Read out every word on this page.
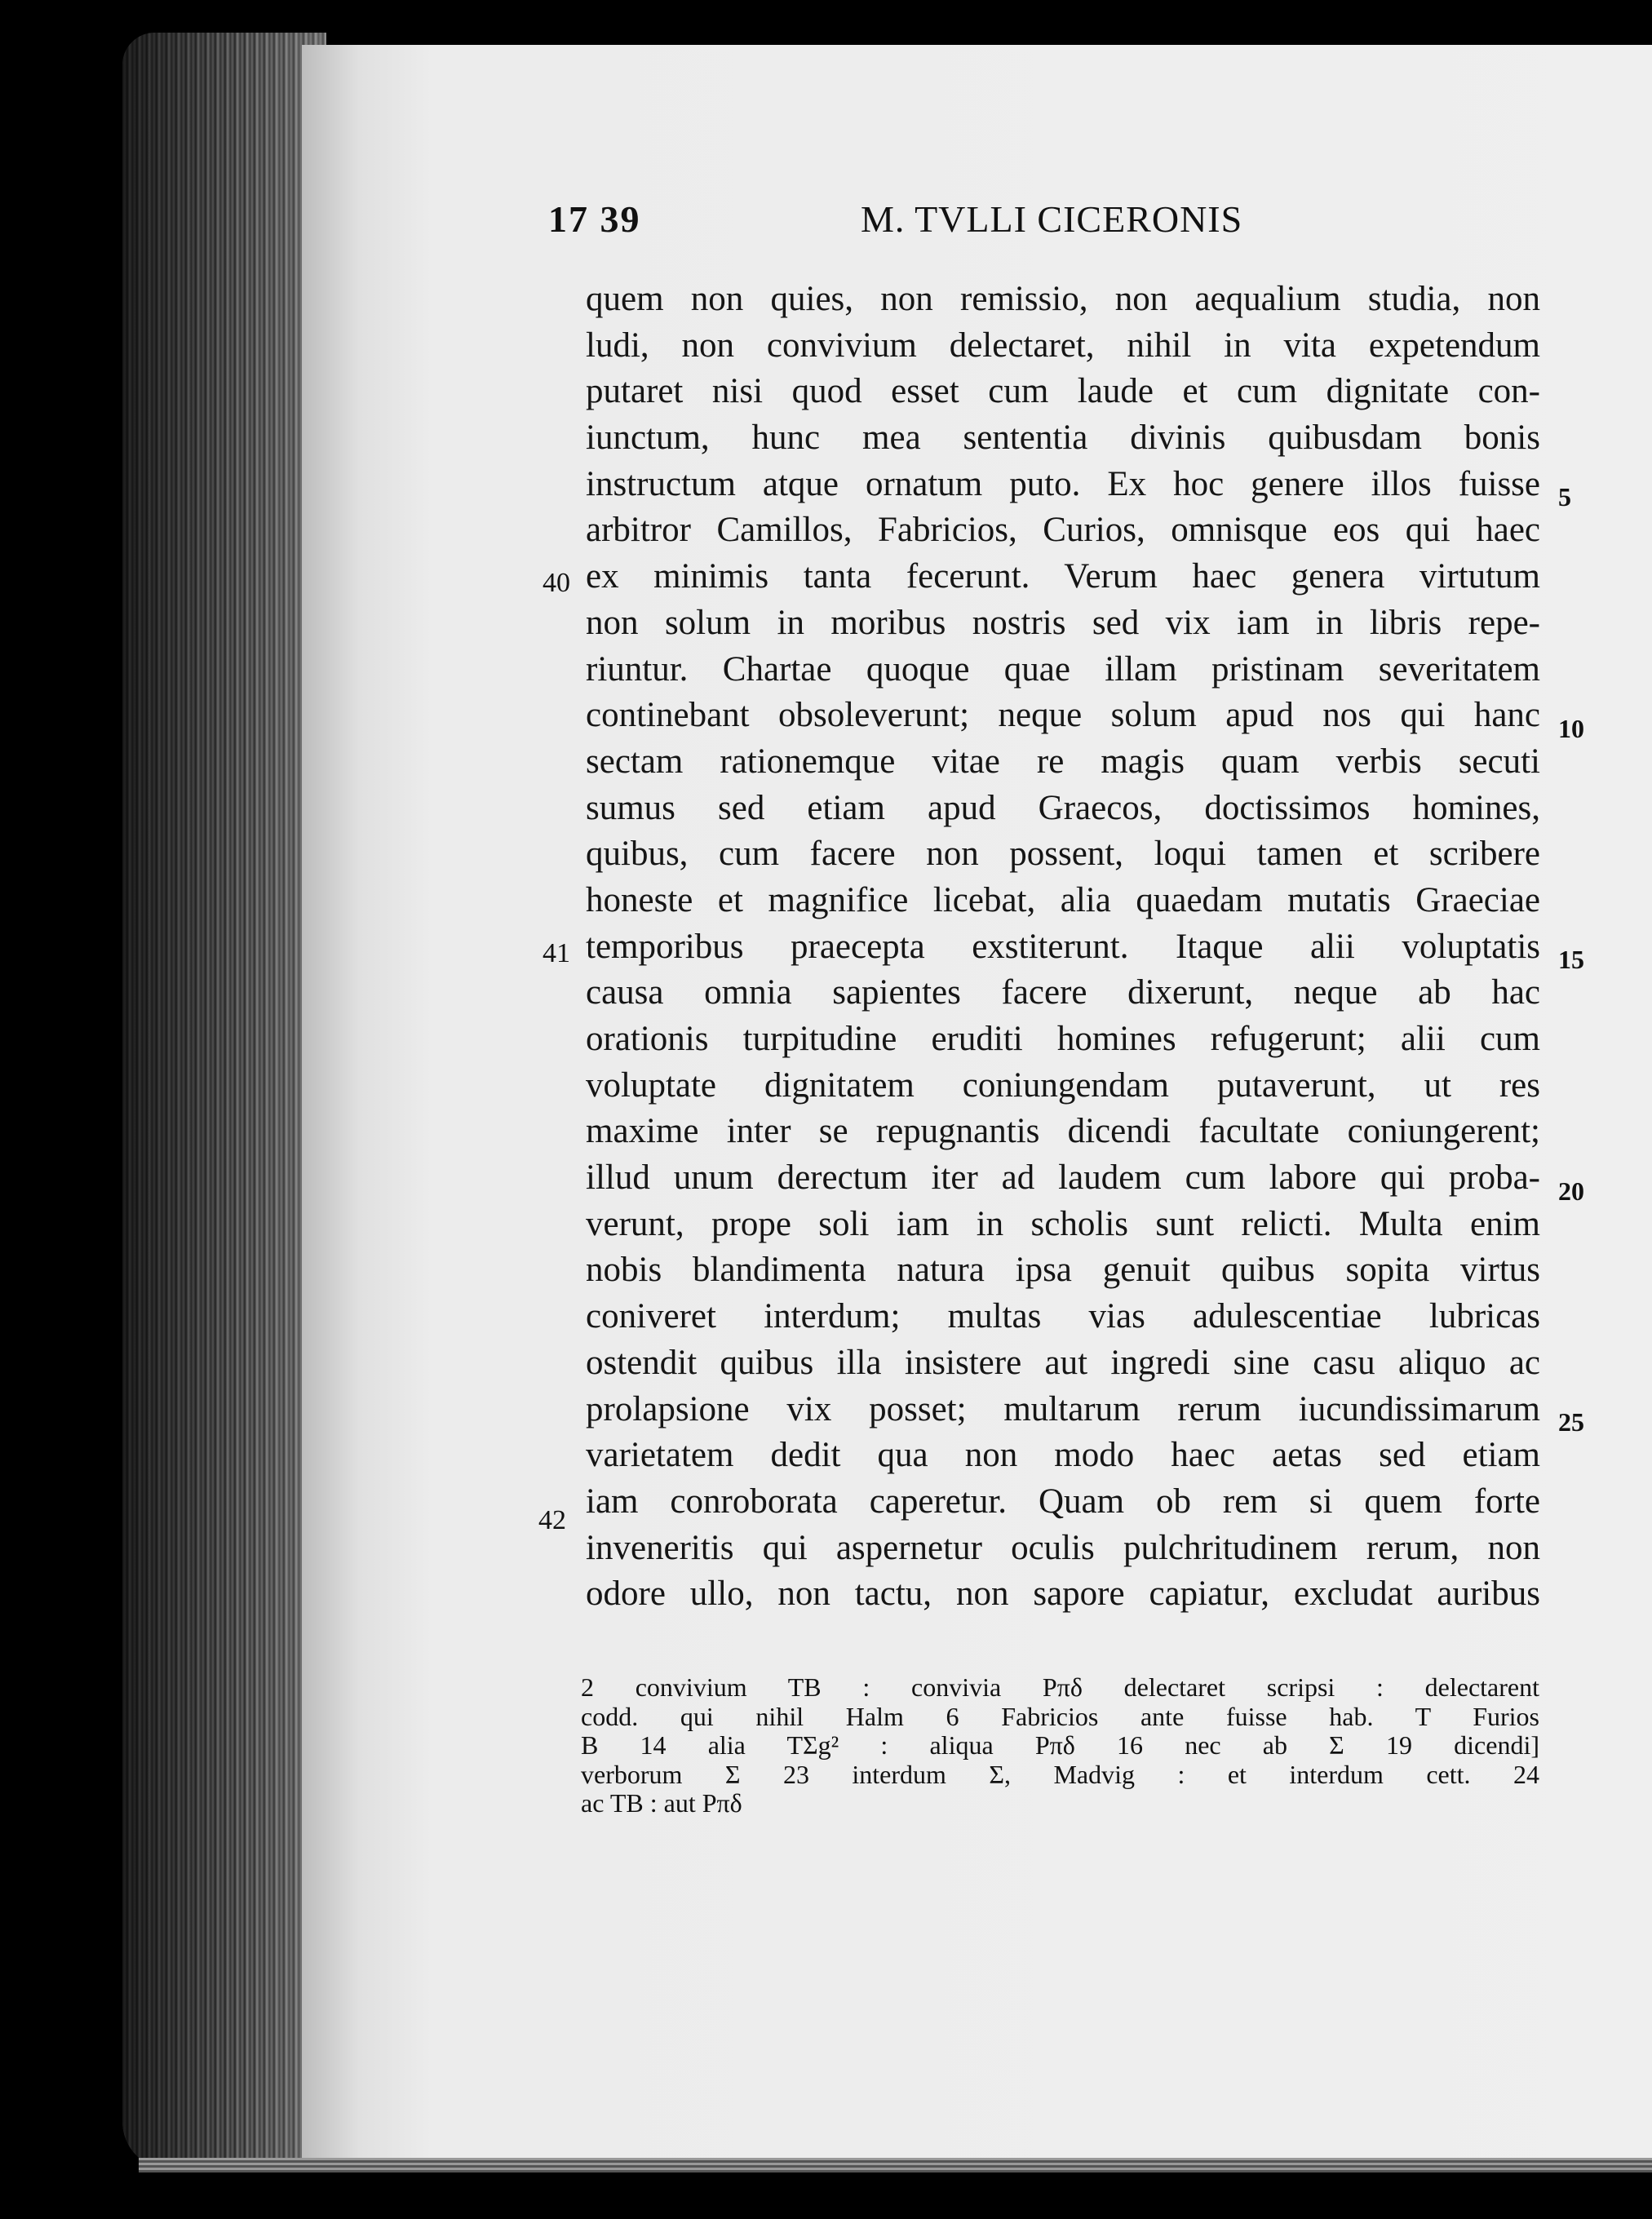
17 39	M. TVLLI CICERONIS
quem non quies, non remissio, non aequalium studia, non
ludi, non convivium delectaret, nihil in vita expetendum
putaret nisi quod esset cum laude et cum dignitate con-
iunctum, hunc mea sententia divinis quibusdam bonis
instructum atque ornatum puto. Ex hoc genere illos fuisse
arbitror Camillos, Fabricios, Curios, omnisque eos qui haec
ex minimis tanta fecerunt. Verum haec genera virtutum
non solum in moribus nostris sed vix iam in libris repe-
riuntur. Chartae quoque quae illam pristinam severitatem
continebant obsoleverunt; neque solum apud nos qui hanc
sectam rationemque vitae re magis quam verbis secuti
sumus sed etiam apud Graecos, doctissimos homines,
quibus, cum facere non possent, loqui tamen et scribere
honeste et magnifice licebat, alia quaedam mutatis Graeciae
temporibus praecepta exstiterunt. Itaque alii voluptatis
causa omnia sapientes facere dixerunt, neque ab hac
orationis turpitudine eruditi homines refugerunt; alii cum
voluptate dignitatem coniungendam putaverunt, ut res
maxime inter se repugnantis dicendi facultate coniungerent;
illud unum derectum iter ad laudem cum labore qui proba-
verunt, prope soli iam in scholis sunt relicti. Multa enim
nobis blandimenta natura ipsa genuit quibus sopita virtus
coniveret interdum; multas vias adulescentiae lubricas
ostendit quibus illa insistere aut ingredi sine casu aliquo ac
prolapsione vix posset; multarum rerum iucundissimarum
varietatem dedit qua non modo haec aetas sed etiam
iam conroborata caperetur. Quam ob rem si quem forte
inveneritis qui aspernetur oculis pulchritudinem rerum, non
odore ullo, non tactu, non sapore capiatur, excludat auribus
5
10
15
20
25
40
41
42
2 convivium TB : convivia Pπδ delectaret scripsi : delectarent
codd. qui nihil Halm 6 Fabricios ante fuisse hab. T Furios
B 14 alia TΣg² : aliqua Pπδ 16 nec ab Σ 19 dicendi]
verborum Σ 23 interdum Σ, Madvig : et interdum cett. 24
ac TB : aut Pπδ
